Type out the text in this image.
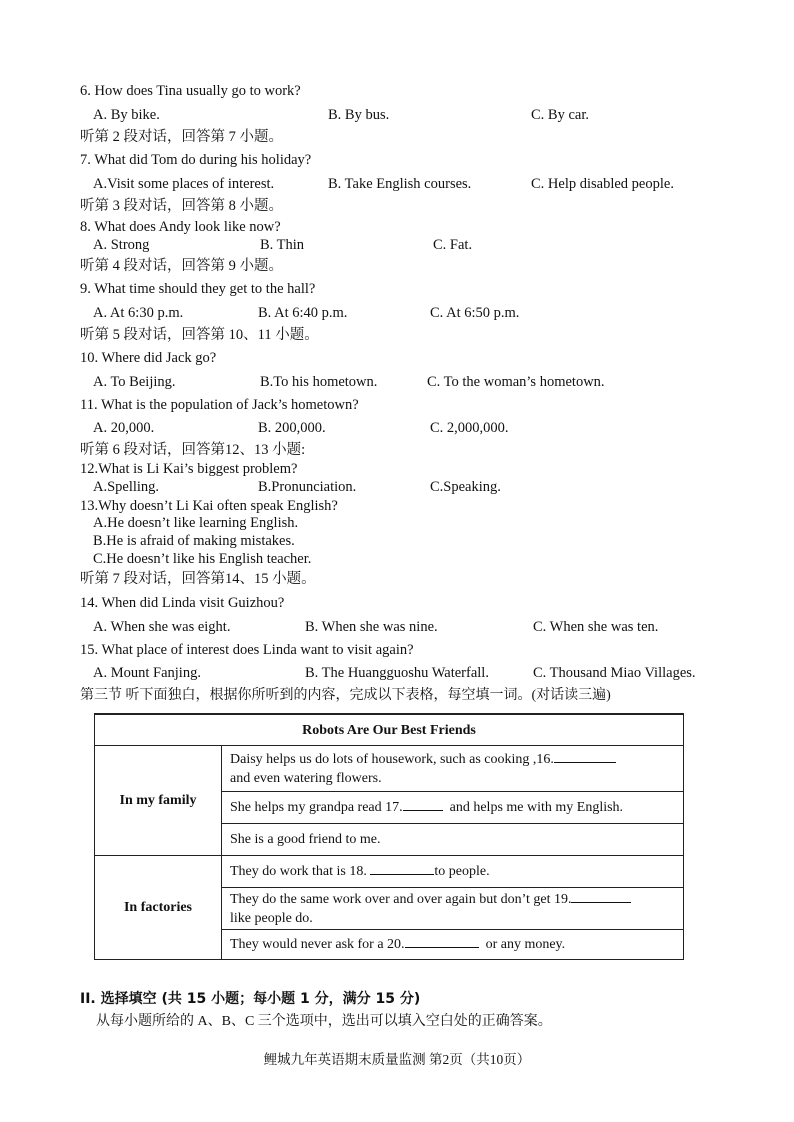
6. How does Tina usually go to work?
A. By bike.	B. By bus.	C. By car.
听第 2 段对话，回答第 7 小题。
7. What did Tom do during his holiday?
A.Visit some places of interest.	B. Take English courses.	C. Help disabled people.
听第 3 段对话，回答第 8 小题。
8. What does Andy look like now?
A. Strong	B. Thin	C. Fat.
听第 4 段对话，回答第 9 小题。
9. What time should they get to the hall?
A. At 6:30 p.m.	B. At 6:40 p.m.	C. At 6:50 p.m.
听第 5 段对话，回答第 10、11 小题。
10. Where did Jack go?
A. To Beijing.	B.To his hometown.	C. To the woman’s hometown.
11. What is the population of Jack’s hometown?
A. 20,000.	B. 200,000.	C. 2,000,000.
听第 6 段对话，回答第12、13 小题:
12.What is Li Kai’s biggest problem?
A.Spelling.	B.Pronunciation.	C.Speaking.
13.Why doesn’t Li Kai often speak English?
A.He doesn’t like learning English.
B.He is afraid of making mistakes.
C.He doesn’t like his English teacher.
听第 7 段对话，回答第14、15 小题。
14. When did Linda visit Guizhou?
A. When she was eight.	B. When she was nine.	C. When she was ten.
15. What place of interest does Linda want to visit again?
A. Mount Fanjing.	B. The Huangguoshu Waterfall.	C. Thousand Miao Villages.
第三节 听下面独白，根据你所听到的内容，完成以下表格，每空填一词。(对话读三遍)
Robots Are Our Best Friends	
In my family	Daisy helps us do lots of housework, such as cooking ,16.
and even watering flowers.
	She helps my grandpa read 17. and helps me with my English.
	She is a good friend to me.
In factories	They do work that is 18. to people.
	They do the same work over and over again but don’t get 19.
like people do.
	They would never ask for a 20. or any money.
II. 选择填空 (共 15 小题；每小题 1 分，满分 15 分)
从每小题所给的 A、B、C 三个选项中，选出可以填入空白处的正确答案。
鲤城九年英语期末质量监测 第2页（共10页）
